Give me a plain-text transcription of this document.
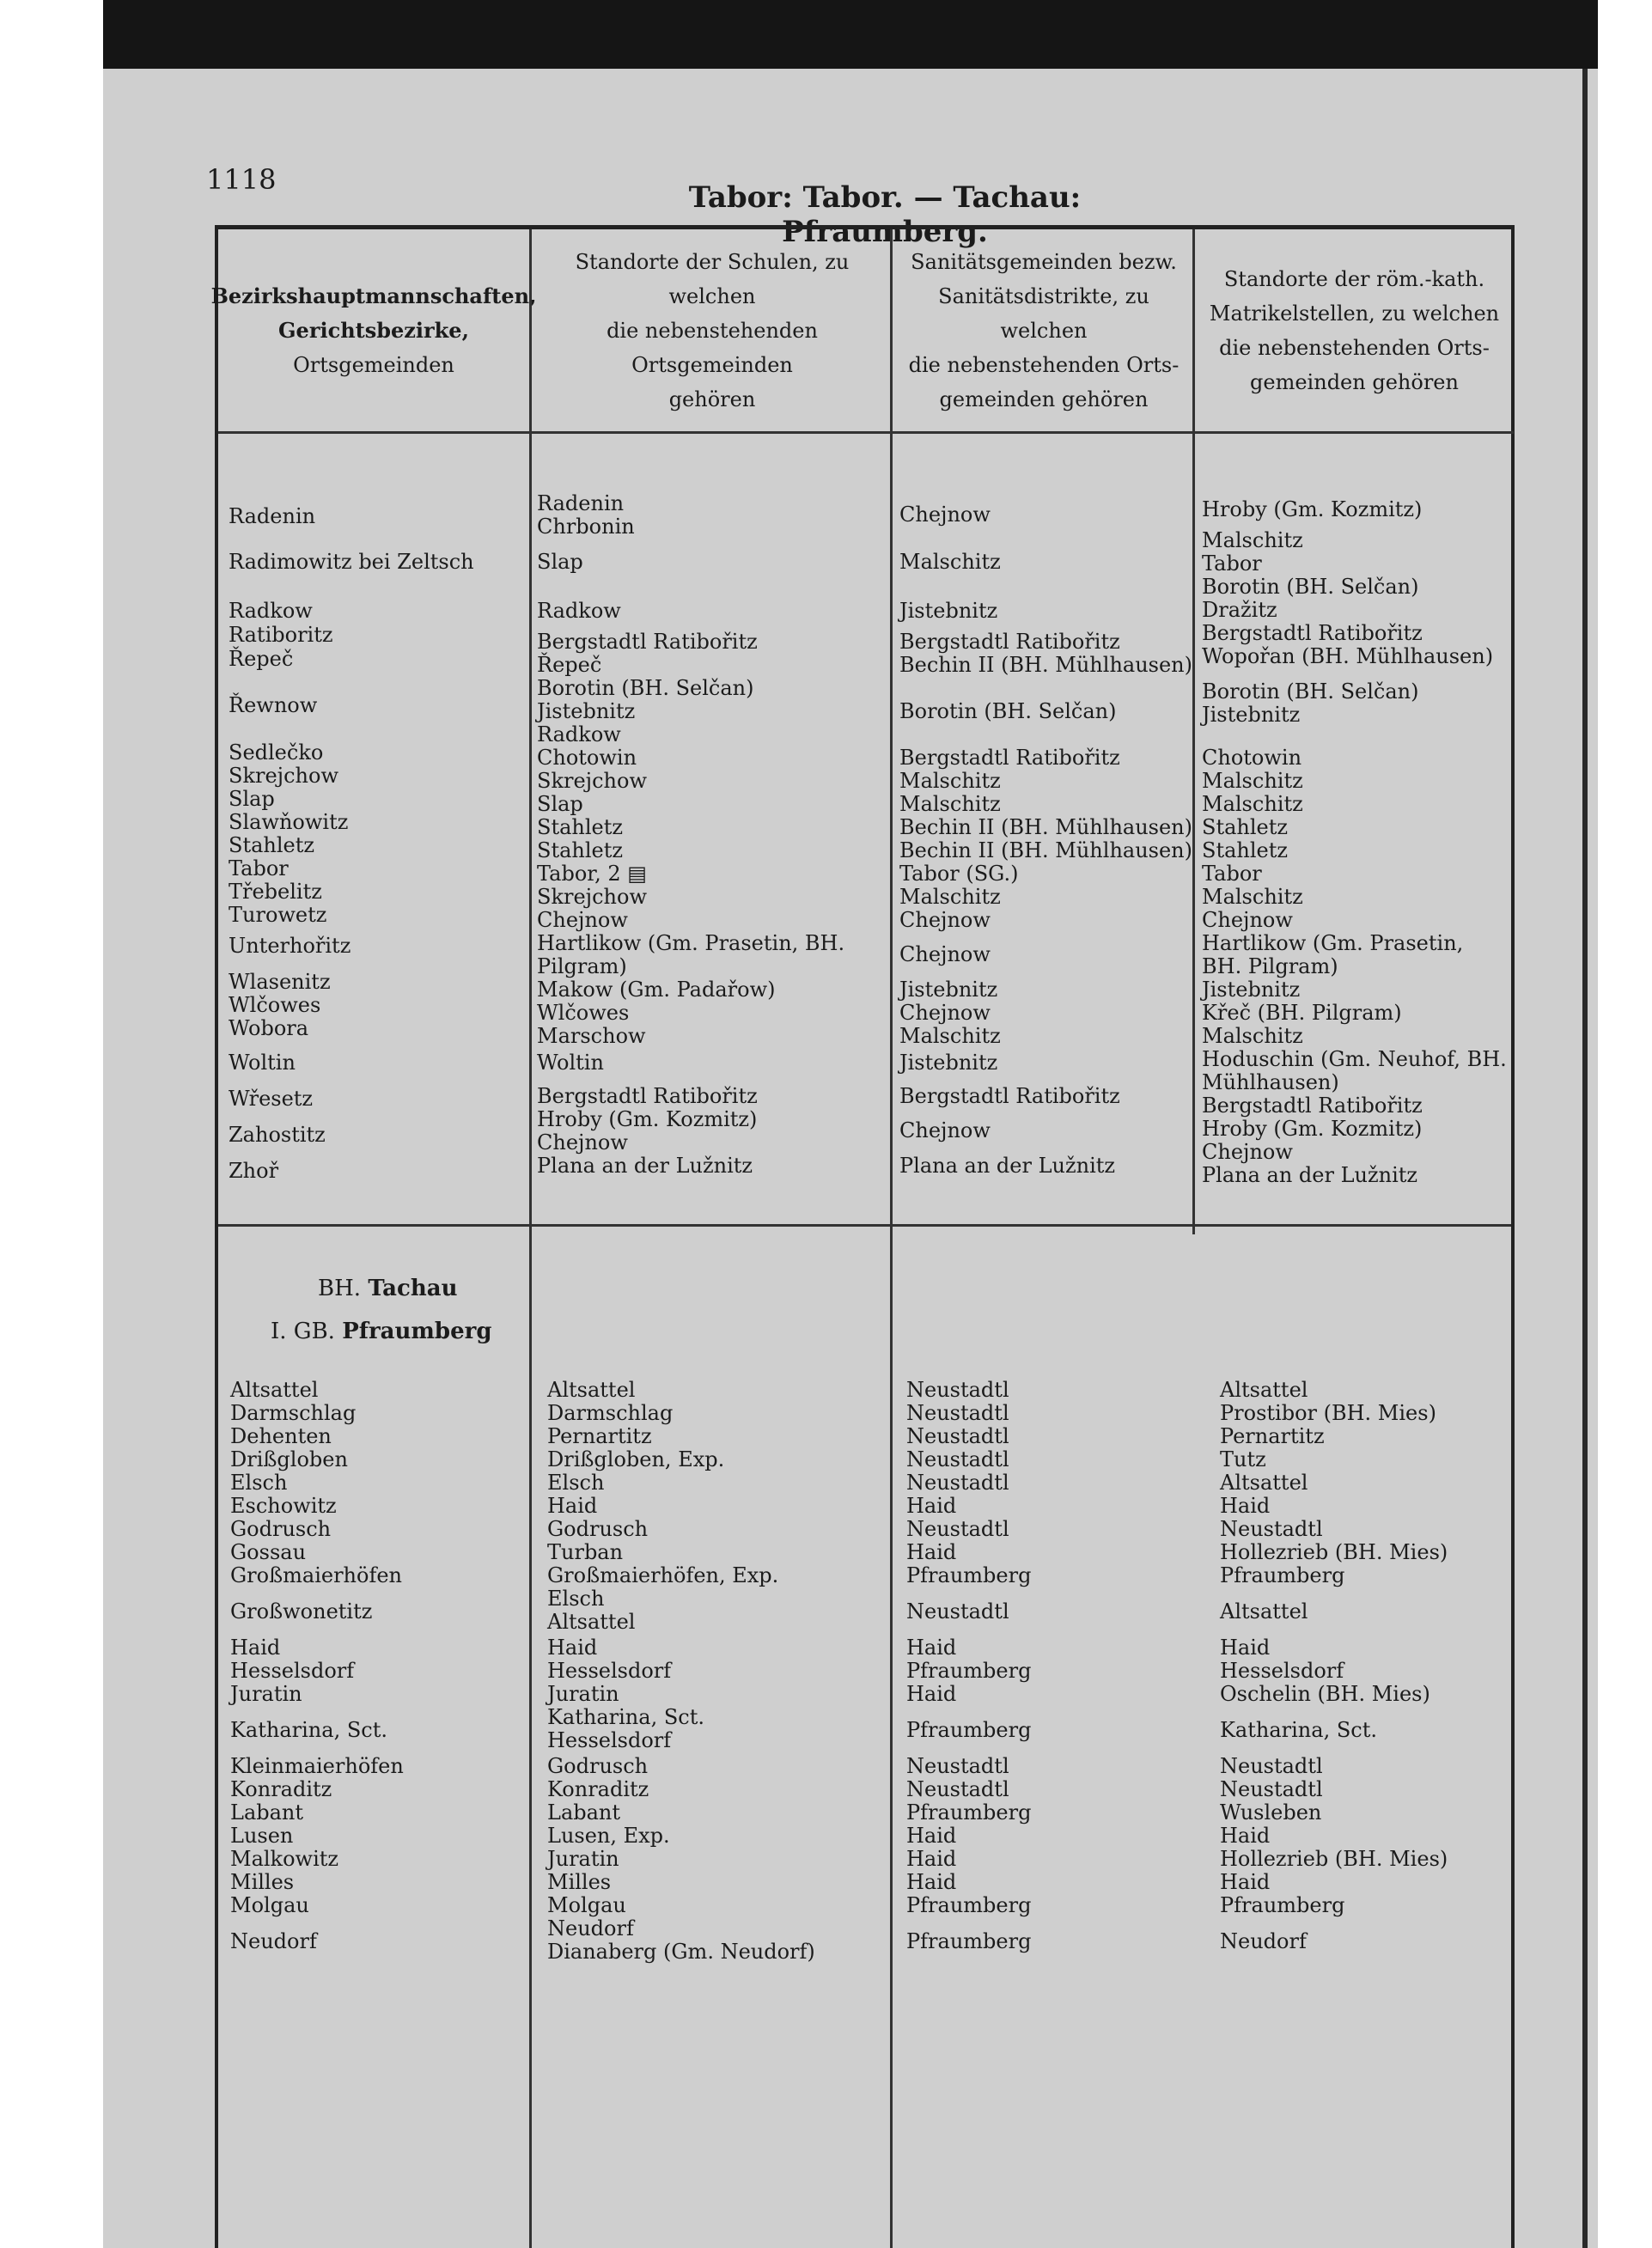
1118
Tabor: Tabor. — Tachau: Pfraumberg.
Bezirkshauptmannschaften,
Gerichtsbezirke,
Ortsgemeinden
Radenin
Radimowitz bei Zeltsch
Radkow
Ratiboritz
Řepeč
Řewnow
Sedlečko
Skrejchow
Slap
Slawňowitz
Stahletz
Tabor
Třebelitz
Turowetz
Unterhořitz
Wlasenitz
Wlčowes
Wobora
Woltin
Wřesetz
Zahostitz
Zhoř
Altsattel
Darmschlag
Dehenten
Drißgloben
Elsch
Eschowitz
Godrusch
Gossau
Großmaierhöfen
Großwonetitz
Haid
Hesselsdorf
Juratin
Katharina, Sct.
Kleinmaierhöfen
Konraditz
Labant
Lusen
Malkowitz
Milles
Molgau
Neudorf
Standorte der Schulen, zu welchen
die nebenstehenden Ortsgemeinden
gehören
Radenin
Chrbonin
Slap
Radkow
Bergstadtl Ratibořitz
Řepeč
Borotin (BH. Selčan)
Jistebnitz
Radkow
Chotowin
Skrejchow
Slap
Stahletz
Stahletz
Tabor, 2 ▤
Skrejchow
Chejnow
Hartlikow (Gm. Prasetin, BH.
Pilgram)
Makow (Gm. Padařow)
Wlčowes
Marschow
Woltin
Bergstadtl Ratibořitz
Hroby (Gm. Kozmitz)
Chejnow
Plana an der Lužnitz
Altsattel
Darmschlag
Pernartitz
Drißgloben, Exp.
Elsch
Haid
Godrusch
Turban
Großmaierhöfen, Exp.
Elsch
Altsattel
Haid
Hesselsdorf
Juratin
Katharina, Sct.
Hesselsdorf
Godrusch
Konraditz
Labant
Lusen, Exp.
Juratin
Milles
Molgau
Neudorf
Dianaberg (Gm. Neudorf)
Sanitätsgemeinden bezw.
Sanitätsdistrikte, zu welchen
die nebenstehenden Orts-
gemeinden gehören
Chejnow
Malschitz
Jistebnitz
Bergstadtl Ratibořitz
Bechin II (BH. Mühlhausen)
Borotin (BH. Selčan)
Bergstadtl Ratibořitz
Malschitz
Malschitz
Bechin II (BH. Mühlhausen)
Bechin II (BH. Mühlhausen)
Tabor (SG.)
Malschitz
Chejnow
Chejnow
Jistebnitz
Chejnow
Malschitz
Jistebnitz
Bergstadtl Ratibořitz
Chejnow
Plana an der Lužnitz
Neustadtl
Neustadtl
Neustadtl
Neustadtl
Neustadtl
Haid
Neustadtl
Haid
Pfraumberg
Neustadtl
Haid
Pfraumberg
Haid
Pfraumberg
Neustadtl
Neustadtl
Pfraumberg
Haid
Haid
Haid
Pfraumberg
Pfraumberg
Standorte der röm.-kath.
Matrikelstellen, zu welchen
die nebenstehenden Orts-
gemeinden gehören
Hroby (Gm. Kozmitz)
Malschitz
Tabor
Borotin (BH. Selčan)
Dražitz
Bergstadtl Ratibořitz
Wopořan (BH. Mühlhausen)
Borotin (BH. Selčan)
Jistebnitz
Chotowin
Malschitz
Malschitz
Stahletz
Stahletz
Tabor
Malschitz
Chejnow
Hartlikow (Gm. Prasetin,
BH. Pilgram)
Jistebnitz
Křeč (BH. Pilgram)
Malschitz
Hoduschin (Gm. Neuhof, BH.
Mühlhausen)
Bergstadtl Ratibořitz
Hroby (Gm. Kozmitz)
Chejnow
Plana an der Lužnitz
Altsattel
Prostibor (BH. Mies)
Pernartitz
Tutz
Altsattel
Haid
Neustadtl
Hollezrieb (BH. Mies)
Pfraumberg
Altsattel
Haid
Hesselsdorf
Oschelin (BH. Mies)
Katharina, Sct.
Neustadtl
Neustadtl
Wusleben
Haid
Hollezrieb (BH. Mies)
Haid
Pfraumberg
Neudorf
BH. Tachau
I. GB. Pfraumberg
